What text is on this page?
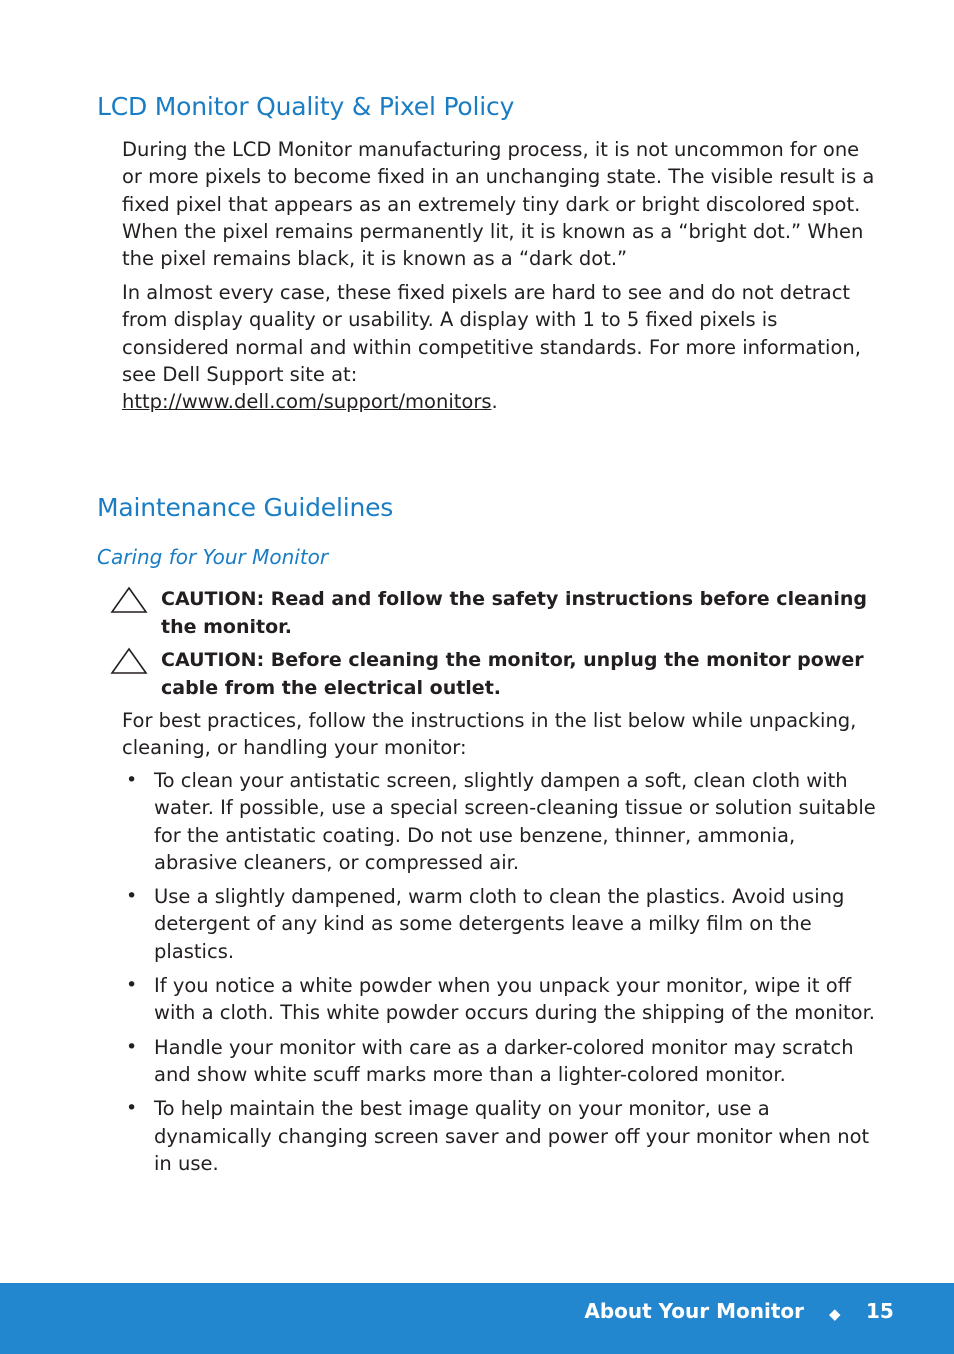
LCD Monitor Quality & Pixel Policy

During the LCD Monitor manufacturing process, it is not uncommon for one or more pixels to become fixed in an unchanging state. The visible result is a fixed pixel that appears as an extremely tiny dark or bright discolored spot. When the pixel remains permanently lit, it is known as a “bright dot.” When the pixel remains black, it is known as a “dark dot.”

In almost every case, these fixed pixels are hard to see and do not detract from display quality or usability. A display with 1 to 5 fixed pixels is considered normal and within competitive standards. For more information, see Dell Support site at:
http://www.dell.com/support/monitors.

Maintenance Guidelines

Caring for Your Monitor

CAUTION: Read and follow the safety instructions before cleaning the monitor.

CAUTION: Before cleaning the monitor, unplug the monitor power cable from the electrical outlet.

For best practices, follow the instructions in the list below while unpacking, cleaning, or handling your monitor:

• To clean your antistatic screen, slightly dampen a soft, clean cloth with water. If possible, use a special screen-cleaning tissue or solution suitable for the antistatic coating. Do not use benzene, thinner, ammonia, abrasive cleaners, or compressed air.
• Use a slightly dampened, warm cloth to clean the plastics. Avoid using detergent of any kind as some detergents leave a milky film on the plastics.
• If you notice a white powder when you unpack your monitor, wipe it off with a cloth. This white powder occurs during the shipping of the monitor.
• Handle your monitor with care as a darker-colored monitor may scratch and show white scuff marks more than a lighter-colored monitor.
• To help maintain the best image quality on your monitor, use a dynamically changing screen saver and power off your monitor when not in use.
About Your Monitor ◆ 15
